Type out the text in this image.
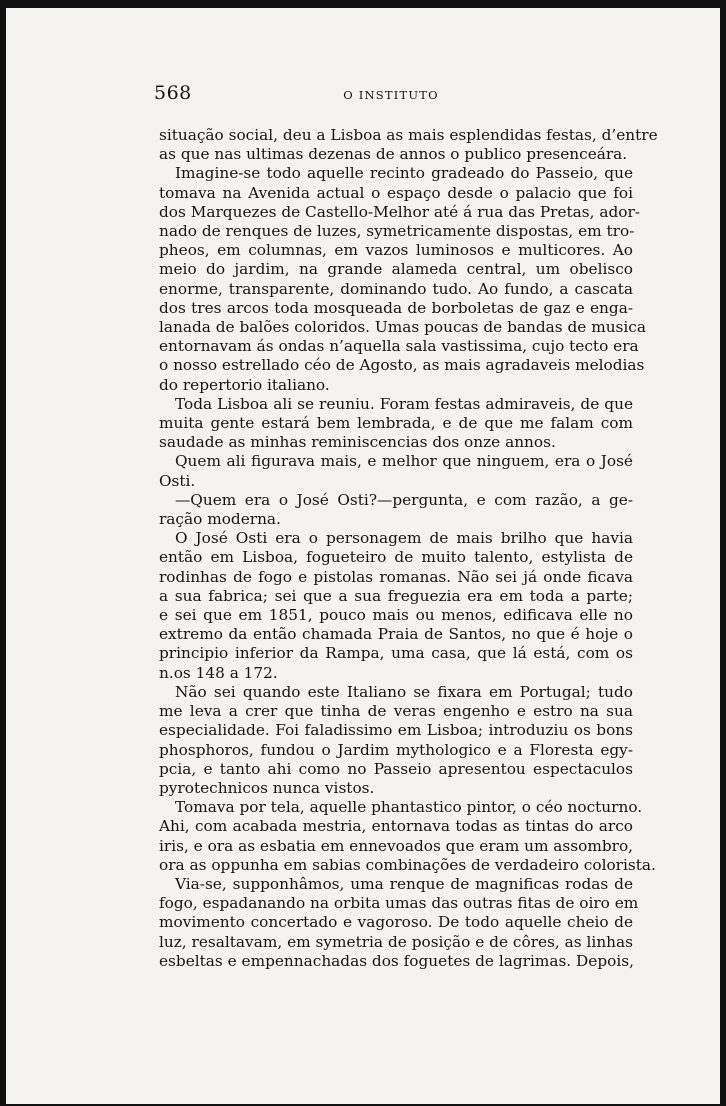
568	O INSTITUTO
situação social, deu a Lisboa as mais esplendidas festas, d’entre
as que nas ultimas dezenas de annos o publico presenceára.
Imagine-se todo aquelle recinto gradeado do Passeio, que
tomava na Avenida actual o espaço desde o palacio que foi
dos Marquezes de Castello-Melhor até á rua das Pretas, ador-
nado de renques de luzes, symetricamente dispostas, em tro-
pheos, em columnas, em vazos luminosos e multicores. Ao
meio do jardim, na grande alameda central, um obelisco
enorme, transparente, dominando tudo. Ao fundo, a cascata
dos tres arcos toda mosqueada de borboletas de gaz e enga-
lanada de balões coloridos. Umas poucas de bandas de musica
entornavam ás ondas n’aquella sala vastissima, cujo tecto era
o nosso estrellado céo de Agosto, as mais agradaveis melodias
do repertorio italiano.
Toda Lisboa ali se reuniu. Foram festas admiraveis, de que
muita gente estará bem lembrada, e de que me falam com
saudade as minhas reminiscencias dos onze annos.
Quem ali figurava mais, e melhor que ninguem, era o José
Osti.
—Quem era o José Osti?—pergunta, e com razão, a ge-
ração moderna.
O José Osti era o personagem de mais brilho que havia
então em Lisboa, fogueteiro de muito talento, estylista de
rodinhas de fogo e pistolas romanas. Não sei já onde ficava
a sua fabrica; sei que a sua freguezia era em toda a parte;
e sei que em 1851, pouco mais ou menos, edificava elle no
extremo da então chamada Praia de Santos, no que é hoje o
principio inferior da Rampa, uma casa, que lá está, com os
n.os 148 a 172.
Não sei quando este Italiano se fixara em Portugal; tudo
me leva a crer que tinha de veras engenho e estro na sua
especialidade. Foi faladissimo em Lisboa; introduziu os bons
phosphoros, fundou o Jardim mythologico e a Floresta egy-
pcia, e tanto ahi como no Passeio apresentou espectaculos
pyrotechnicos nunca vistos.
Tomava por tela, aquelle phantastico pintor, o céo nocturno.
Ahi, com acabada mestria, entornava todas as tintas do arco
iris, e ora as esbatia em ennevoados que eram um assombro,
ora as oppunha em sabias combinações de verdadeiro colorista.
Via-se, supponhâmos, uma renque de magnificas rodas de
fogo, espadanando na orbita umas das outras fitas de oiro em
movimento concertado e vagoroso. De todo aquelle cheio de
luz, resaltavam, em symetria de posição e de côres, as linhas
esbeltas e empennachadas dos foguetes de lagrimas. Depois,
